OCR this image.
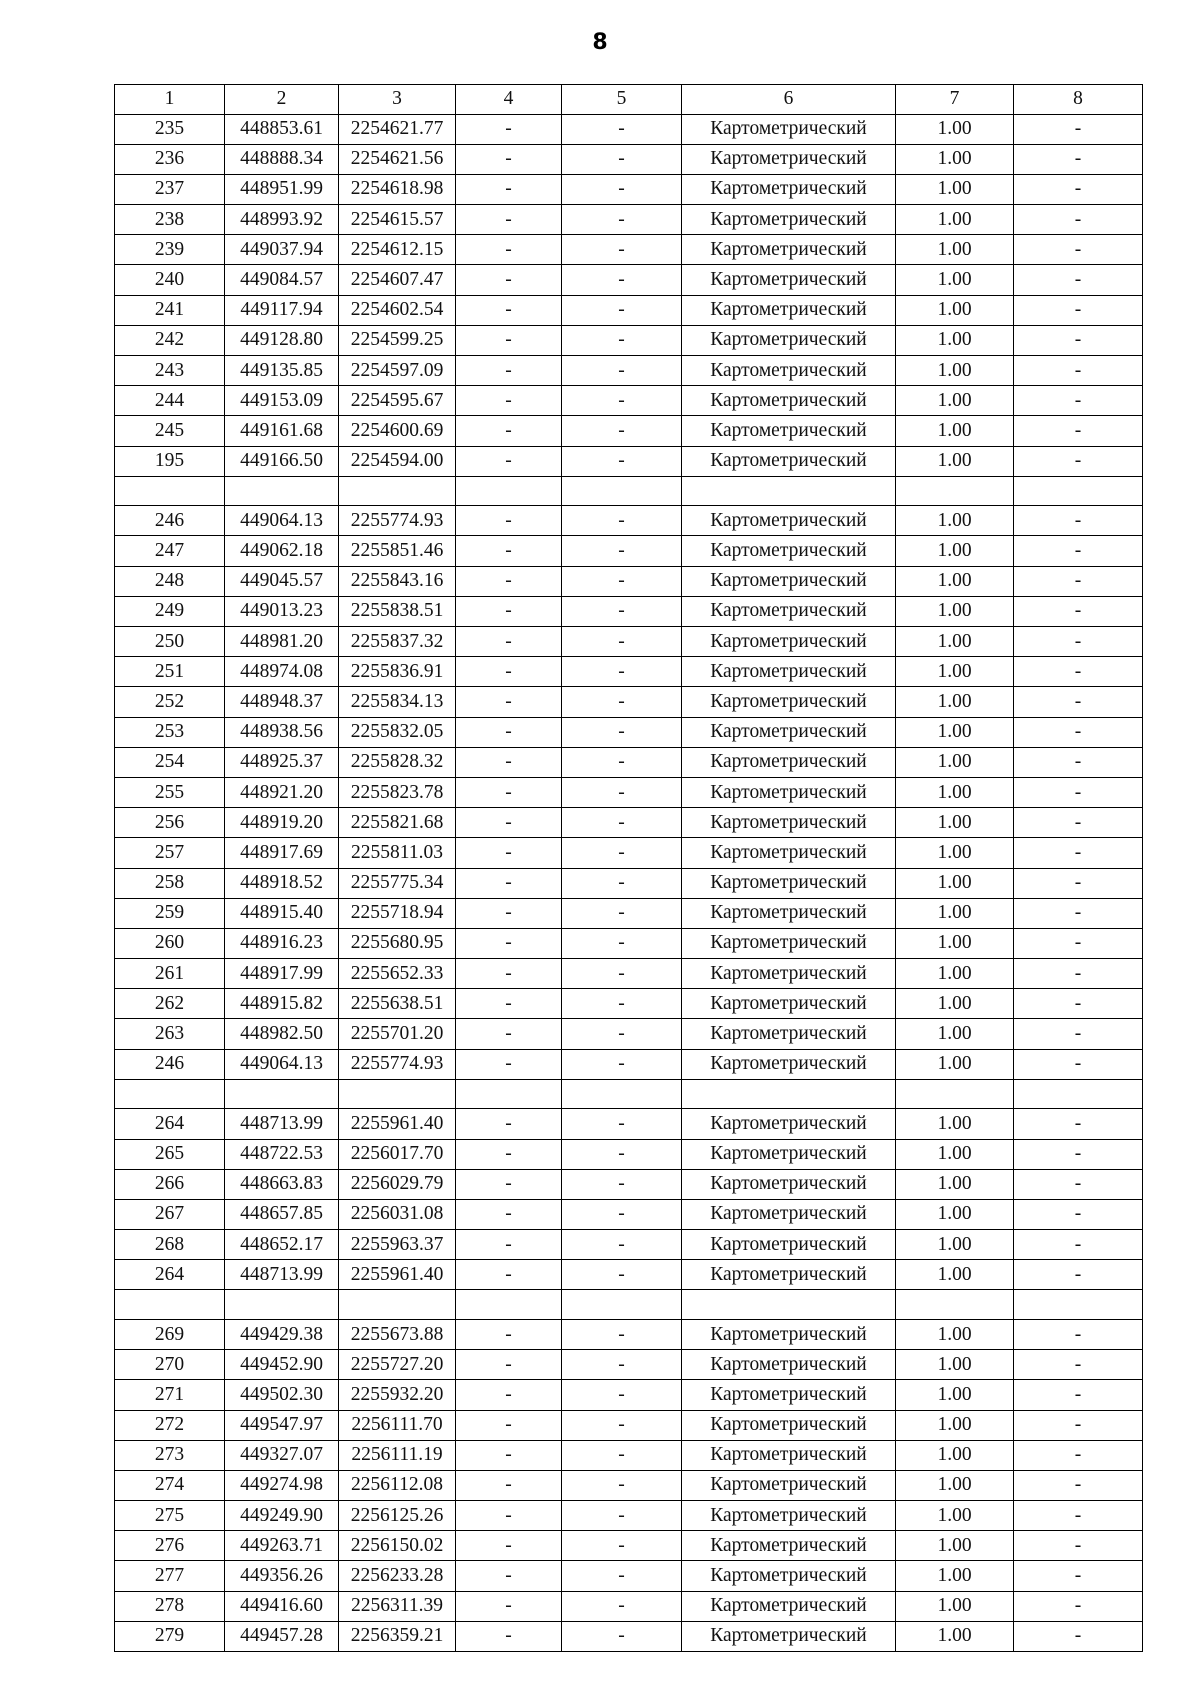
8
1	2	3	4	5	6	7	8
235	448853.61	2254621.77	-	-	Картометрический	1.00	-
236	448888.34	2254621.56	-	-	Картометрический	1.00	-
237	448951.99	2254618.98	-	-	Картометрический	1.00	-
238	448993.92	2254615.57	-	-	Картометрический	1.00	-
239	449037.94	2254612.15	-	-	Картометрический	1.00	-
240	449084.57	2254607.47	-	-	Картометрический	1.00	-
241	449117.94	2254602.54	-	-	Картометрический	1.00	-
242	449128.80	2254599.25	-	-	Картометрический	1.00	-
243	449135.85	2254597.09	-	-	Картометрический	1.00	-
244	449153.09	2254595.67	-	-	Картометрический	1.00	-
245	449161.68	2254600.69	-	-	Картометрический	1.00	-
195	449166.50	2254594.00	-	-	Картометрический	1.00	-

246	449064.13	2255774.93	-	-	Картометрический	1.00	-
247	449062.18	2255851.46	-	-	Картометрический	1.00	-
248	449045.57	2255843.16	-	-	Картометрический	1.00	-
249	449013.23	2255838.51	-	-	Картометрический	1.00	-
250	448981.20	2255837.32	-	-	Картометрический	1.00	-
251	448974.08	2255836.91	-	-	Картометрический	1.00	-
252	448948.37	2255834.13	-	-	Картометрический	1.00	-
253	448938.56	2255832.05	-	-	Картометрический	1.00	-
254	448925.37	2255828.32	-	-	Картометрический	1.00	-
255	448921.20	2255823.78	-	-	Картометрический	1.00	-
256	448919.20	2255821.68	-	-	Картометрический	1.00	-
257	448917.69	2255811.03	-	-	Картометрический	1.00	-
258	448918.52	2255775.34	-	-	Картометрический	1.00	-
259	448915.40	2255718.94	-	-	Картометрический	1.00	-
260	448916.23	2255680.95	-	-	Картометрический	1.00	-
261	448917.99	2255652.33	-	-	Картометрический	1.00	-
262	448915.82	2255638.51	-	-	Картометрический	1.00	-
263	448982.50	2255701.20	-	-	Картометрический	1.00	-
246	449064.13	2255774.93	-	-	Картометрический	1.00	-

264	448713.99	2255961.40	-	-	Картометрический	1.00	-
265	448722.53	2256017.70	-	-	Картометрический	1.00	-
266	448663.83	2256029.79	-	-	Картометрический	1.00	-
267	448657.85	2256031.08	-	-	Картометрический	1.00	-
268	448652.17	2255963.37	-	-	Картометрический	1.00	-
264	448713.99	2255961.40	-	-	Картометрический	1.00	-

269	449429.38	2255673.88	-	-	Картометрический	1.00	-
270	449452.90	2255727.20	-	-	Картометрический	1.00	-
271	449502.30	2255932.20	-	-	Картометрический	1.00	-
272	449547.97	2256111.70	-	-	Картометрический	1.00	-
273	449327.07	2256111.19	-	-	Картометрический	1.00	-
274	449274.98	2256112.08	-	-	Картометрический	1.00	-
275	449249.90	2256125.26	-	-	Картометрический	1.00	-
276	449263.71	2256150.02	-	-	Картометрический	1.00	-
277	449356.26	2256233.28	-	-	Картометрический	1.00	-
278	449416.60	2256311.39	-	-	Картометрический	1.00	-
279	449457.28	2256359.21	-	-	Картометрический	1.00	-
